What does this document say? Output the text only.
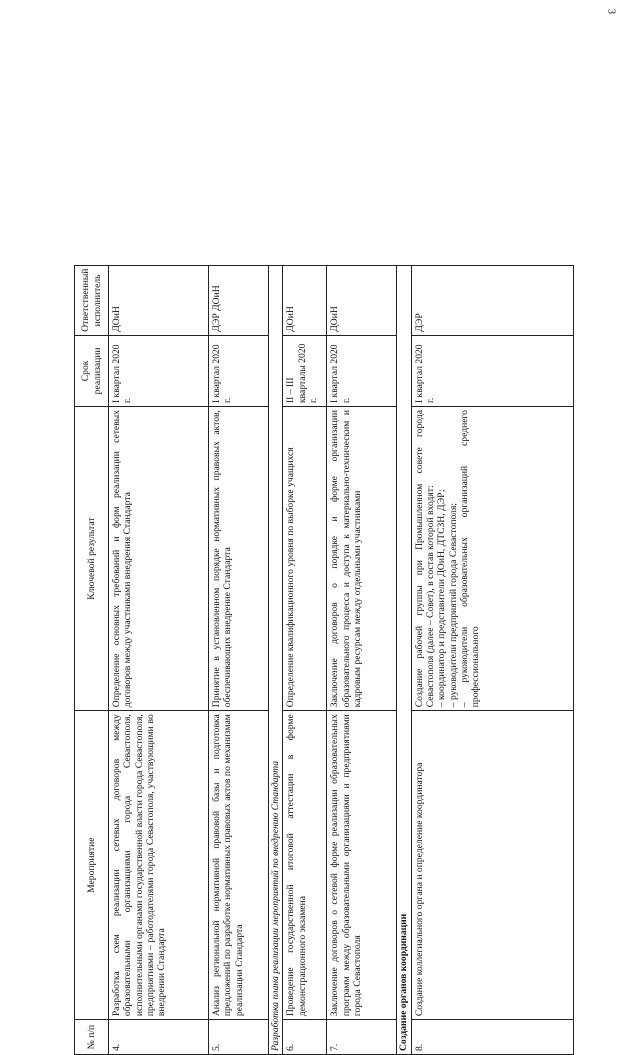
3
№ п/п	Мероприятие	Ключевой результат	Срок реализации	Ответственный исполнитель
4.	Разработка схем реализации сетевых договоров между образовательными организациями города Севастополя, исполнительными органами государственной власти города Севастополя, предприятиями – работодателями города Севастополя, участвующими во внедрении Стандарта	Определение основных требований и форм реализации сетевых договоров между участниками внедрения Стандарта	I квартал 2020 г.	ДОиН
5.	Анализ региональной нормативной правовой базы и подготовка предложений по разработке нормативных правовых актов по механизмам реализации Стандарта	Принятие в установленном порядке нормативных правовых актов, обеспечивающих внедрение Стандарта	I квартал 2020 г.	ДЭР ДОиН
Разработка плана реализации мероприятий по внедрению Стандарта				
6.	Проведение государственной итоговой аттестации в форме демонстрационного экзамена	Определение квалификационного уровня по выборке учащихся	II – III кварталы 2020 г.	ДОиН
7.	Заключение договоров о сетевой форме реализации образовательных программ между образовательными организациями и предприятиями города Севастополя	Заключение договоров о порядке и форме организации образовательного процесса и доступа к материально-техническим и кадровым ресурсам между отдельными участниками	I квартал 2020 г.	ДОиН
Создание органов координации				
8.	Создание коллегиального органа и определение координатора	Создание рабочей группы при Промышленном совете города Севастополя (далее – Совет), в состав которой входят: – координатор и представители ДОиН, ДТСЗН, ДЭР; – руководители предприятий города Севастополя; – руководители образовательных организаций среднего профессионального	I квартал 2020 г.	ДЭР
